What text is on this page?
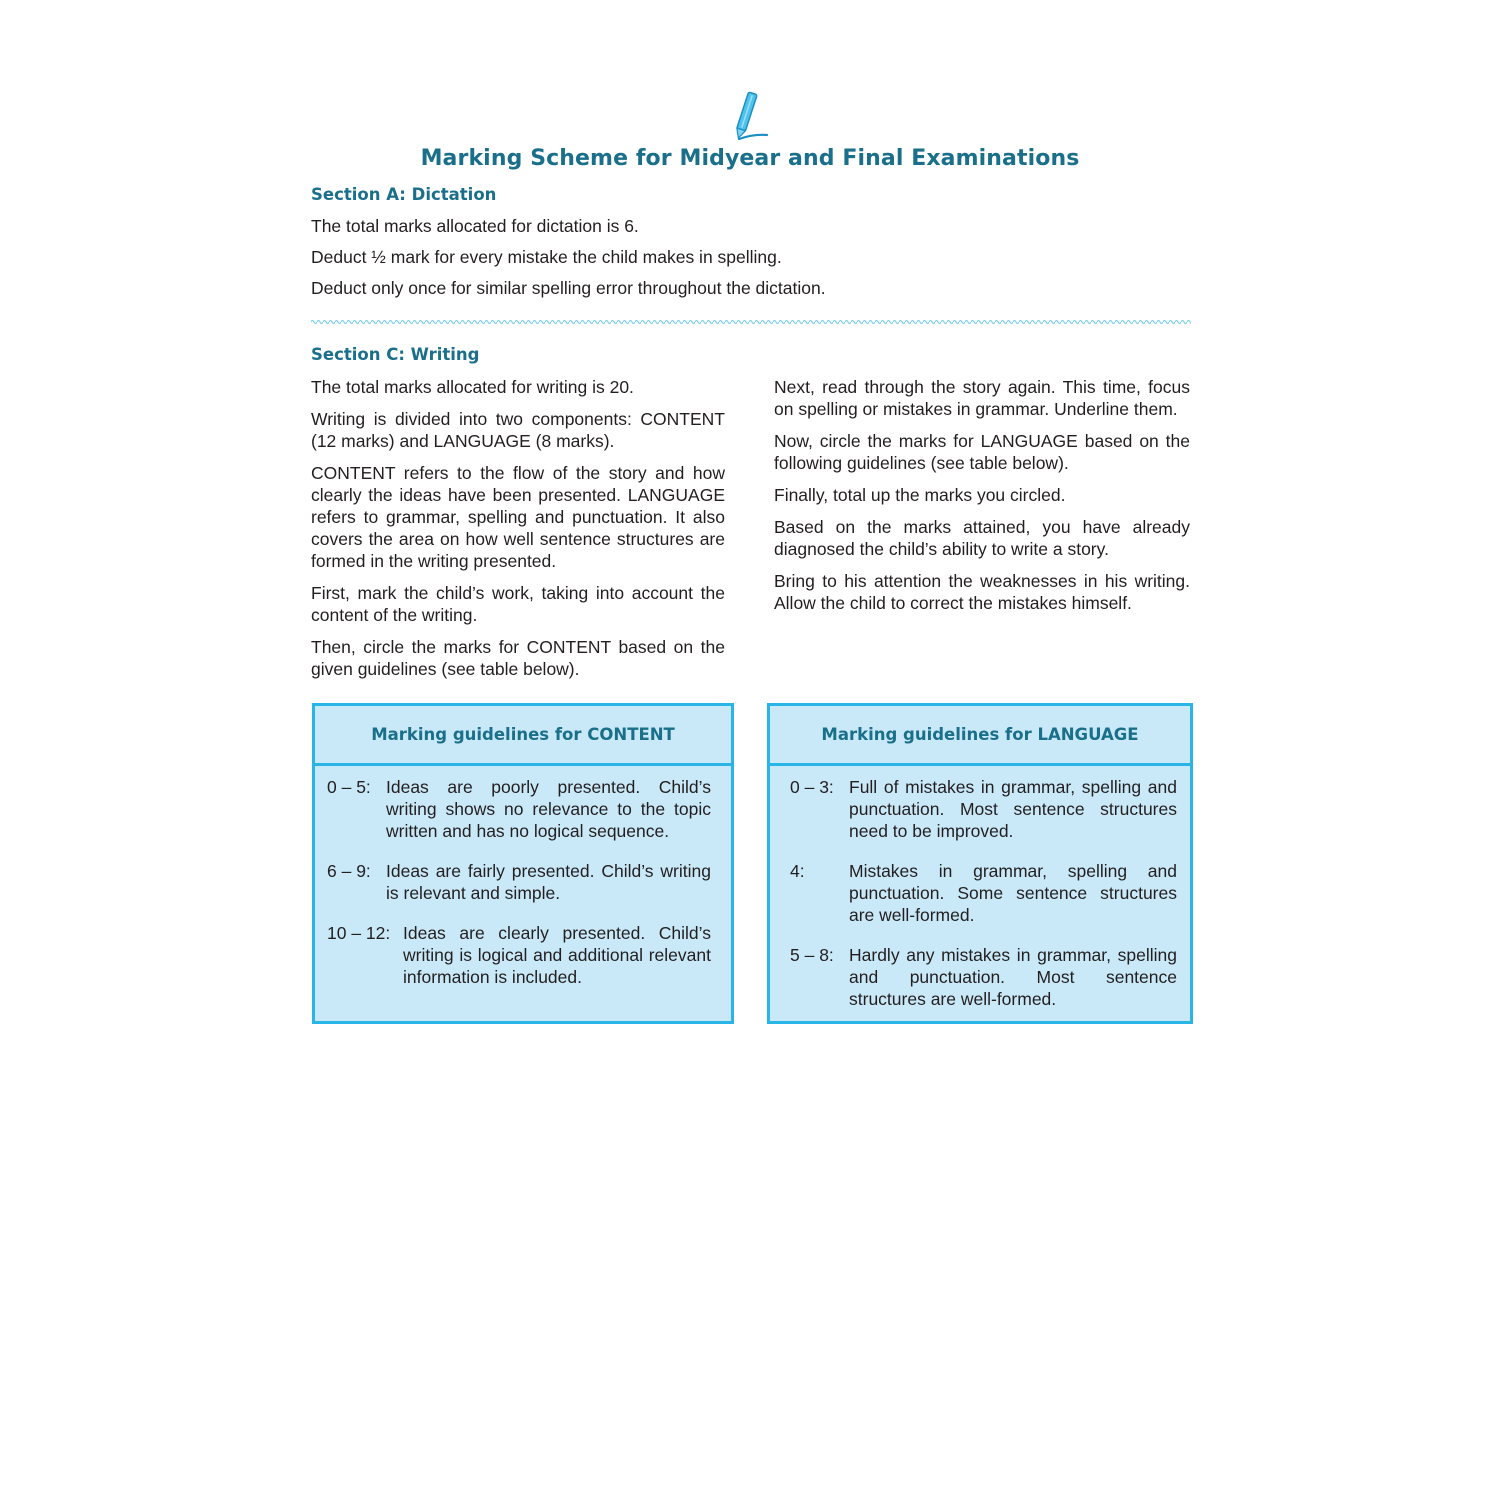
Marking Scheme for Midyear and Final Examinations
Section A: Dictation
The total marks allocated for dictation is 6.
Deduct ½ mark for every mistake the child makes in spelling.
Deduct only once for similar spelling error throughout the dictation.
Section C: Writing

The total marks allocated for writing is 20.

Writing is divided into two components: CONTENT (12 marks) and LANGUAGE (8 marks).

CONTENT refers to the flow of the story and how clearly the ideas have been presented. LANGUAGE refers to grammar, spelling and punctuation. It also covers the area on how well sentence structures are formed in the writing presented.

First, mark the child’s work, taking into account the content of the writing.

Then, circle the marks for CONTENT based on the given guidelines (see table below).

Next, read through the story again. This time, focus on spelling or mistakes in grammar. Underline them.

Now, circle the marks for LANGUAGE based on the following guidelines (see table below).

Finally, total up the marks you circled.

Based on the marks attained, you have already diagnosed the child’s ability to write a story.

Bring to his attention the weaknesses in his writing. Allow the child to correct the mistakes himself.

Marking guidelines for CONTENT
0 – 5: Ideas are poorly presented. Child’s writing shows no relevance to the topic written and has no logical sequence.
6 – 9: Ideas are fairly presented. Child’s writing is relevant and simple.
10 – 12: Ideas are clearly presented. Child’s writing is logical and additional relevant information is included.
Marking guidelines for LANGUAGE
0 – 3: Full of mistakes in grammar, spelling and punctuation. Most sentence structures need to be improved.
4:	Mistakes in grammar, spelling and punctuation. Some sentence structures are well-formed.
5 – 8: Hardly any mistakes in grammar, spelling and punctuation. Most sentence structures are well-formed.
